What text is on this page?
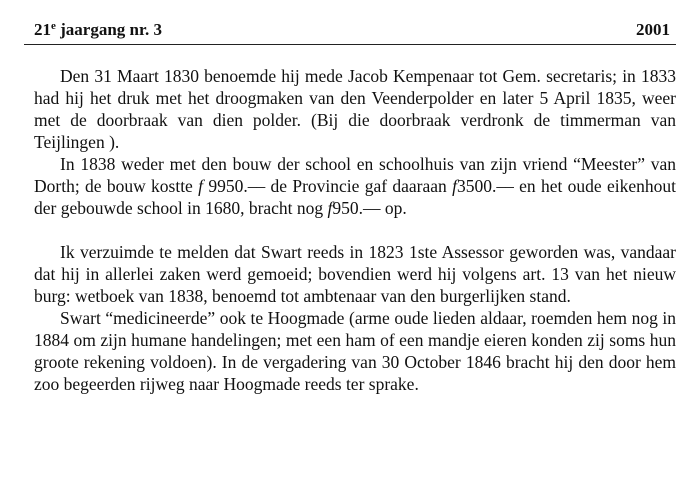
21e jaargang nr. 3	2001

Den 31 Maart 1830 benoemde hij mede Jacob Kempenaar tot Gem. secretaris; in 1833 had hij het druk met het droogmaken van den Veenderpolder en later 5 April 1835, weer met de doorbraak van dien polder. (Bij die doorbraak verdronk de timmerman van Teijlingen ).

In 1838 weder met den bouw der school en schoolhuis van zijn vriend “Meester” van Dorth; de bouw kostte f 9950.–– de Provincie gaf daaraan f3500.–– en het oude eikenhout der gebouwde school in 1680, bracht nog f950.–– op.

Ik verzuimde te melden dat Swart reeds in 1823 1ste Assessor geworden was, vandaar dat hij in allerlei zaken werd gemoeid; bovendien werd hij volgens art. 13 van het nieuw burg: wetboek van 1838, benoemd tot ambtenaar van den burgerlijken stand.

Swart “medicineerde” ook te Hoogmade (arme oude lieden aldaar, roemden hem nog in 1884 om zijn humane handelingen; met een ham of een mandje eieren konden zij soms hun groote rekening voldoen). In de vergadering van 30 October 1846 bracht hij den door hem zoo begeerden rijweg naar Hoogmade reeds ter sprake.
